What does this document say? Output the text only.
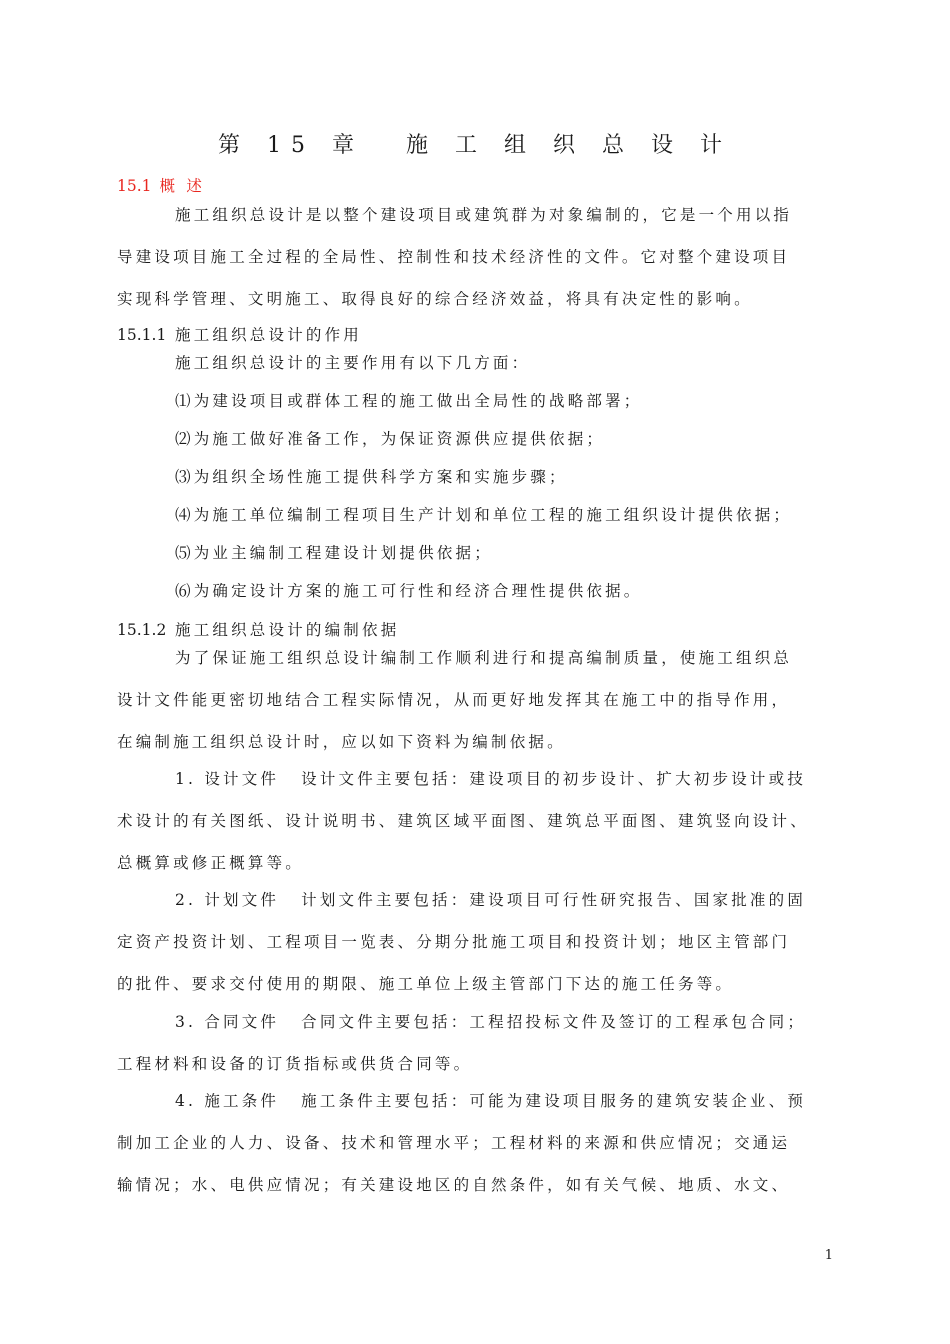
第 15 章 施 工 组 织 总 设 计
15.1 概 述
施工组织总设计是以整个建设项目或建筑群为对象编制的，它是一个用以指
导建设项目施工全过程的全局性、控制性和技术经济性的文件。它对整个建设项目
实现科学管理、文明施工、取得良好的综合经济效益，将具有决定性的影响。
15.1.1 施工组织总设计的作用
施工组织总设计的主要作用有以下几方面：
⑴为建设项目或群体工程的施工做出全局性的战略部署；
⑵为施工做好准备工作，为保证资源供应提供依据；
⑶为组织全场性施工提供科学方案和实施步骤；
⑷为施工单位编制工程项目生产计划和单位工程的施工组织设计提供依据；
⑸为业主编制工程建设计划提供依据；
⑹为确定设计方案的施工可行性和经济合理性提供依据。
15.1.2 施工组织总设计的编制依据
为了保证施工组织总设计编制工作顺利进行和提高编制质量，使施工组织总
设计文件能更密切地结合工程实际情况，从而更好地发挥其在施工中的指导作用，
在编制施工组织总设计时，应以如下资料为编制依据。
1. 设计文件 设计文件主要包括：建设项目的初步设计、扩大初步设计或技
术设计的有关图纸、设计说明书、建筑区域平面图、建筑总平面图、建筑竖向设计、
总概算或修正概算等。
2. 计划文件 计划文件主要包括：建设项目可行性研究报告、国家批准的固
定资产投资计划、工程项目一览表、分期分批施工项目和投资计划；地区主管部门
的批件、要求交付使用的期限、施工单位上级主管部门下达的施工任务等。
3. 合同文件 合同文件主要包括：工程招投标文件及签订的工程承包合同；
工程材料和设备的订货指标或供货合同等。
4. 施工条件 施工条件主要包括：可能为建设项目服务的建筑安装企业、预
制加工企业的人力、设备、技术和管理水平；工程材料的来源和供应情况；交通运
输情况；水、电供应情况；有关建设地区的自然条件，如有关气候、地质、水文、
1
